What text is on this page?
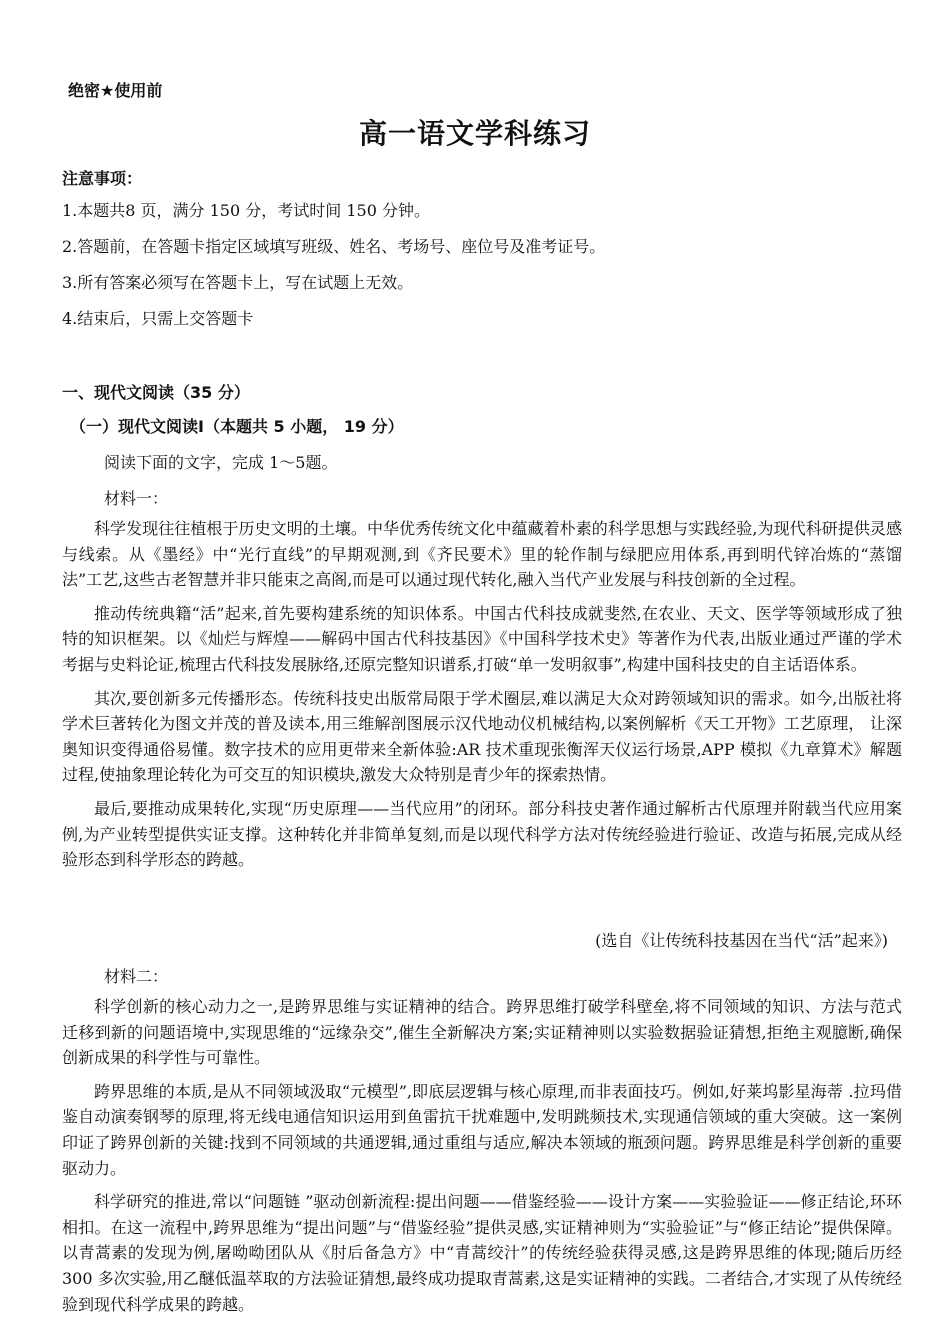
绝密★使用前
高一语文学科练习
注意事项：
1.本题共8 页，满分 150 分，考试时间 150 分钟。
2.答题前，在答题卡指定区域填写班级、姓名、考场号、座位号及准考证号。
3.所有答案必须写在答题卡上，写在试题上无效。
4.结束后，只需上交答题卡
一、现代文阅读（35 分）
（一）现代文阅读Ⅰ（本题共 5 小题， 19 分）
阅读下面的文字，完成 1～5题。
材料一：

科学发现往往植根于历史文明的土壤。中华优秀传统文化中蕴藏着朴素的科学思想与实践经验,为现代科研提供灵感与线索。从《墨经》中“光行直线”的早期观测,到《齐民要术》里的轮作制与绿肥应用体系,再到明代锌冶炼的“蒸馏法”工艺,这些古老智慧并非只能束之高阁,而是可以通过现代转化,融入当代产业发展与科技创新的全过程。

推动传统典籍“活”起来,首先要构建系统的知识体系。中国古代科技成就斐然,在农业、天文、医学等领域形成了独特的知识框架。以《灿烂与辉煌——解码中国古代科技基因》《中国科学技术史》等著作为代表,出版业通过严谨的学术考据与史料论证,梳理古代科技发展脉络,还原完整知识谱系,打破“单一发明叙事”,构建中国科技史的自主话语体系。

其次,要创新多元传播形态。传统科技史出版常局限于学术圈层,难以满足大众对跨领域知识的需求。如今,出版社将学术巨著转化为图文并茂的普及读本,用三维解剖图展示汉代地动仪机械结构,以案例解析《天工开物》工艺原理， 让深奥知识变得通俗易懂。数字技术的应用更带来全新体验:AR 技术重现张衡浑天仪运行场景,APP 模拟《九章算术》解题过程,使抽象理论转化为可交互的知识模块,激发大众特别是青少年的探索热情。

最后,要推动成果转化,实现“历史原理——当代应用”的闭环。部分科技史著作通过解析古代原理并附载当代应用案例,为产业转型提供实证支撑。这种转化并非简单复刻,而是以现代科学方法对传统经验进行验证、改造与拓展,完成从经验形态到科学形态的跨越。

(选自《让传统科技基因在当代“活”起来》)
材料二：

科学创新的核心动力之一,是跨界思维与实证精神的结合。跨界思维打破学科壁垒,将不同领域的知识、方法与范式迁移到新的问题语境中,实现思维的“远缘杂交”,催生全新解决方案;实证精神则以实验数据验证猜想,拒绝主观臆断,确保创新成果的科学性与可靠性。

跨界思维的本质,是从不同领域汲取“元模型”,即底层逻辑与核心原理,而非表面技巧。例如,好莱坞影星海蒂 .拉玛借鉴自动演奏钢琴的原理,将无线电通信知识运用到鱼雷抗干扰难题中,发明跳频技术,实现通信领域的重大突破。这一案例印证了跨界创新的关键:找到不同领域的共通逻辑,通过重组与适应,解决本领域的瓶颈问题。跨界思维是科学创新的重要驱动力。

科学研究的推进,常以“问题链 ”驱动创新流程:提出问题——借鉴经验——设计方案——实验验证——修正结论,环环相扣。在这一流程中,跨界思维为“提出问题”与“借鉴经验”提供灵感,实证精神则为“实验验证”与“修正结论”提供保障。以青蒿素的发现为例,屠呦呦团队从《肘后备急方》中“青蒿绞汁”的传统经验获得灵感,这是跨界思维的体现;随后历经 300 多次实验,用乙醚低温萃取的方法验证猜想,最终成功提取青蒿素,这是实证精神的实践。二者结合,才实现了从传统经验到现代科学成果的跨越。
